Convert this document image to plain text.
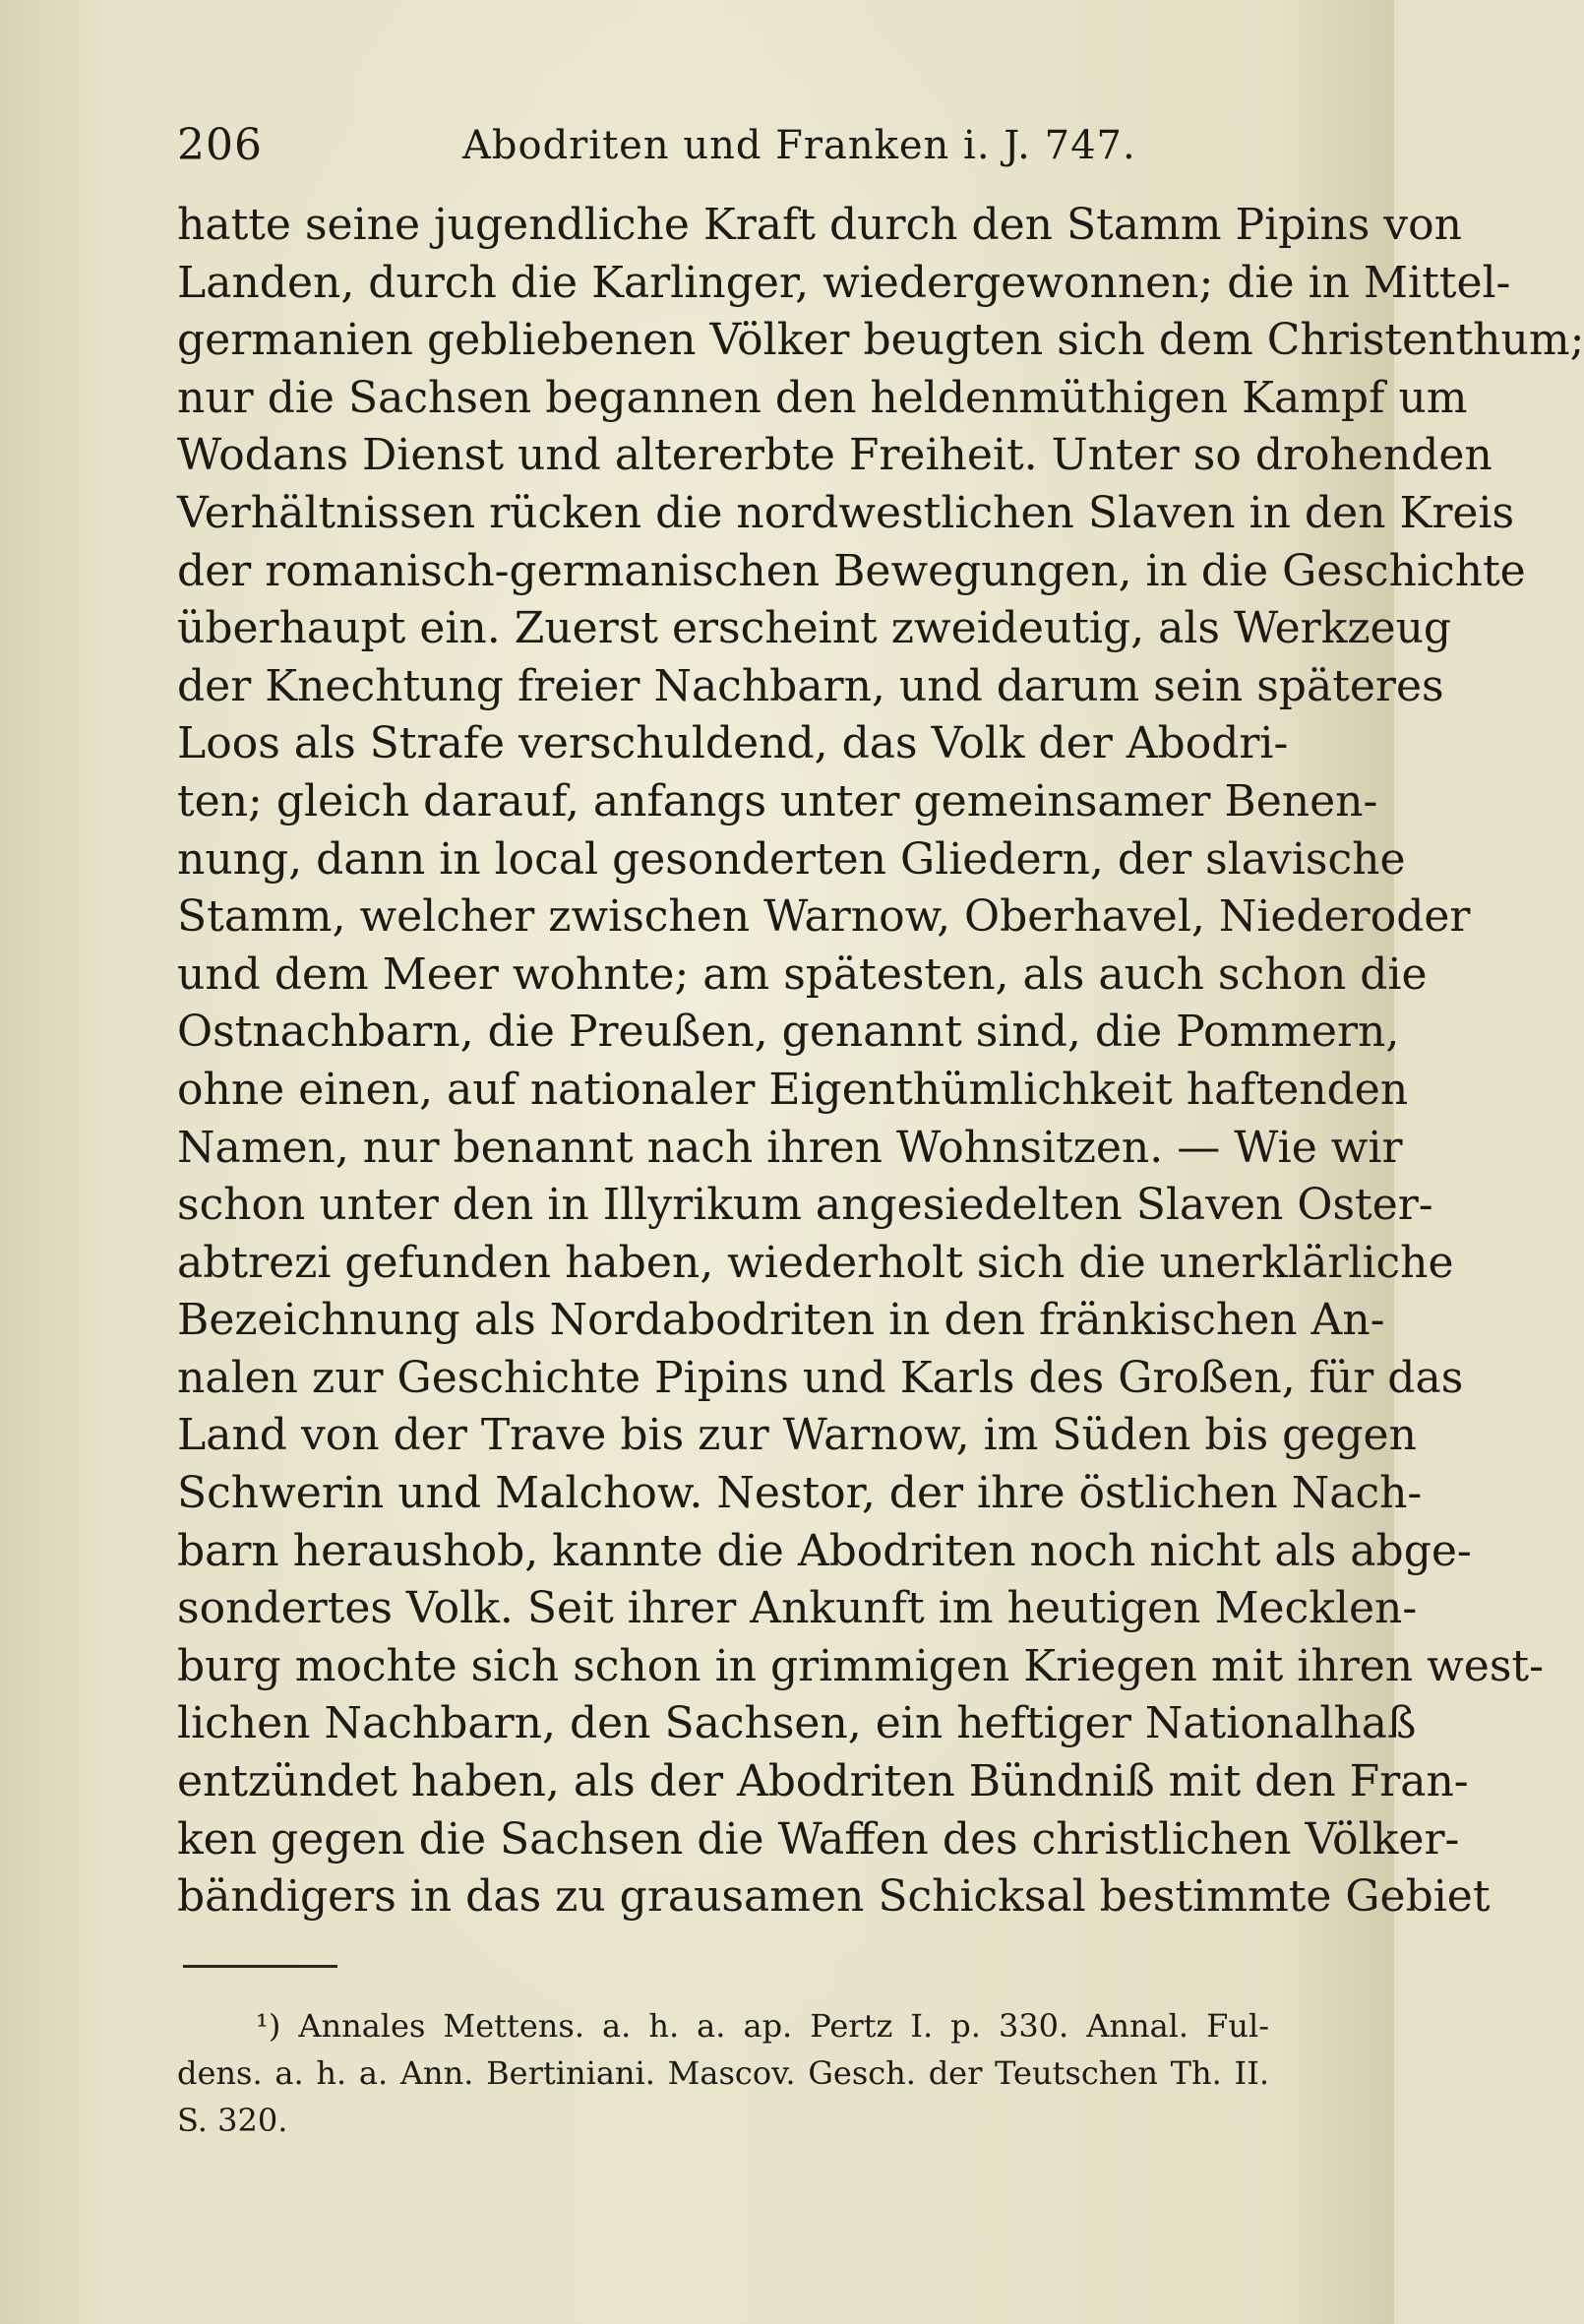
206	Abodriten und Franken i. J. 747.
hatte seine jugendliche Kraft durch den Stamm Pipins von
Landen, durch die Karlinger, wiedergewonnen; die in Mittel-
germanien gebliebenen Völker beugten sich dem Christenthum;
nur die Sachsen begannen den heldenmüthigen Kampf um
Wodans Dienst und altererbte Freiheit. Unter so drohenden
Verhältnissen rücken die nordwestlichen Slaven in den Kreis
der romanisch-germanischen Bewegungen, in die Geschichte
überhaupt ein. Zuerst erscheint zweideutig, als Werkzeug
der Knechtung freier Nachbarn, und darum sein späteres
Loos als Strafe verschuldend, das Volk der Abodri-
ten; gleich darauf, anfangs unter gemeinsamer Benen-
nung, dann in local gesonderten Gliedern, der slavische
Stamm, welcher zwischen Warnow, Oberhavel, Niederoder
und dem Meer wohnte; am spätesten, als auch schon die
Ostnachbarn, die Preußen, genannt sind, die Pommern,
ohne einen, auf nationaler Eigenthümlichkeit haftenden
Namen, nur benannt nach ihren Wohnsitzen. — Wie wir
schon unter den in Illyrikum angesiedelten Slaven Oster-
abtrezi gefunden haben, wiederholt sich die unerklärliche
Bezeichnung als Nordabodriten in den fränkischen An-
nalen zur Geschichte Pipins und Karls des Großen, für das
Land von der Trave bis zur Warnow, im Süden bis gegen
Schwerin und Malchow. Nestor, der ihre östlichen Nach-
barn heraushob, kannte die Abodriten noch nicht als abge-
sondertes Volk. Seit ihrer Ankunft im heutigen Mecklen-
burg mochte sich schon in grimmigen Kriegen mit ihren west-
lichen Nachbarn, den Sachsen, ein heftiger Nationalhaß
entzündet haben, als der Abodriten Bündniß mit den Fran-
ken gegen die Sachsen die Waffen des christlichen Völker-
bändigers in das zu grausamen Schicksal bestimmte Gebiet
¹) Annales Mettens. a. h. a. ap. Pertz I. p. 330. Annal. Ful-
dens. a. h. a. Ann. Bertiniani. Mascov. Gesch. der Teutschen Th. II.
S. 320.
